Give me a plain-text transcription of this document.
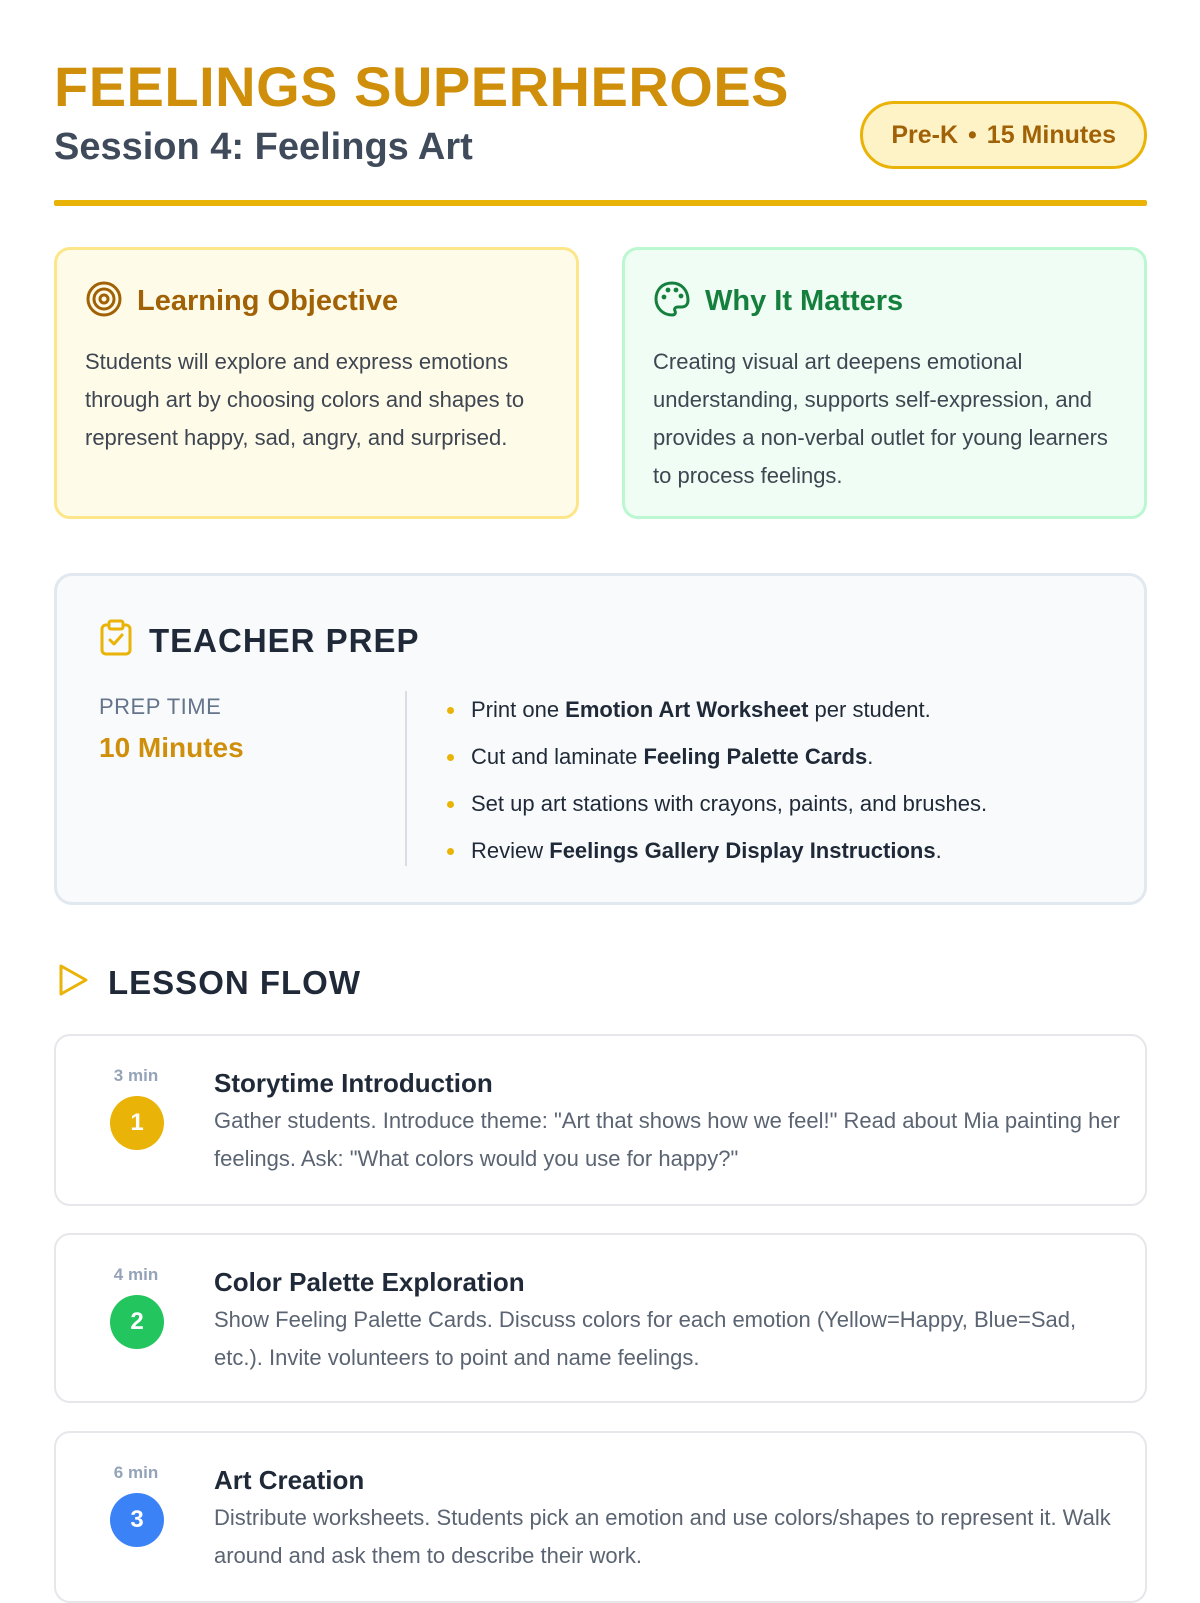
FEELINGS SUPERHEROES
Session 4: Feelings Art	Pre-K • 15 Minutes
Learning Objective

Students will explore and express emotions through art by choosing colors and shapes to represent happy, sad, angry, and surprised.

Why It Matters

Creating visual art deepens emotional understanding, supports self-expression, and provides a non-verbal outlet for young learners to process feelings.

TEACHER PREP
PREP TIME
10 Minutes
Print one Emotion Art Worksheet per student.
Cut and laminate Feeling Palette Cards.
Set up art stations with crayons, paints, and brushes.
Review Feelings Gallery Display Instructions.
LESSON FLOW
3 min
1
Storytime Introduction
Gather students. Introduce theme: "Art that shows how we feel!" Read about Mia painting her feelings. Ask: "What colors would you use for happy?"
4 min
2
Color Palette Exploration
Show Feeling Palette Cards. Discuss colors for each emotion (Yellow=Happy, Blue=Sad, etc.). Invite volunteers to point and name feelings.
6 min
3
Art Creation
Distribute worksheets. Students pick an emotion and use colors/shapes to represent it. Walk around and ask them to describe their work.
